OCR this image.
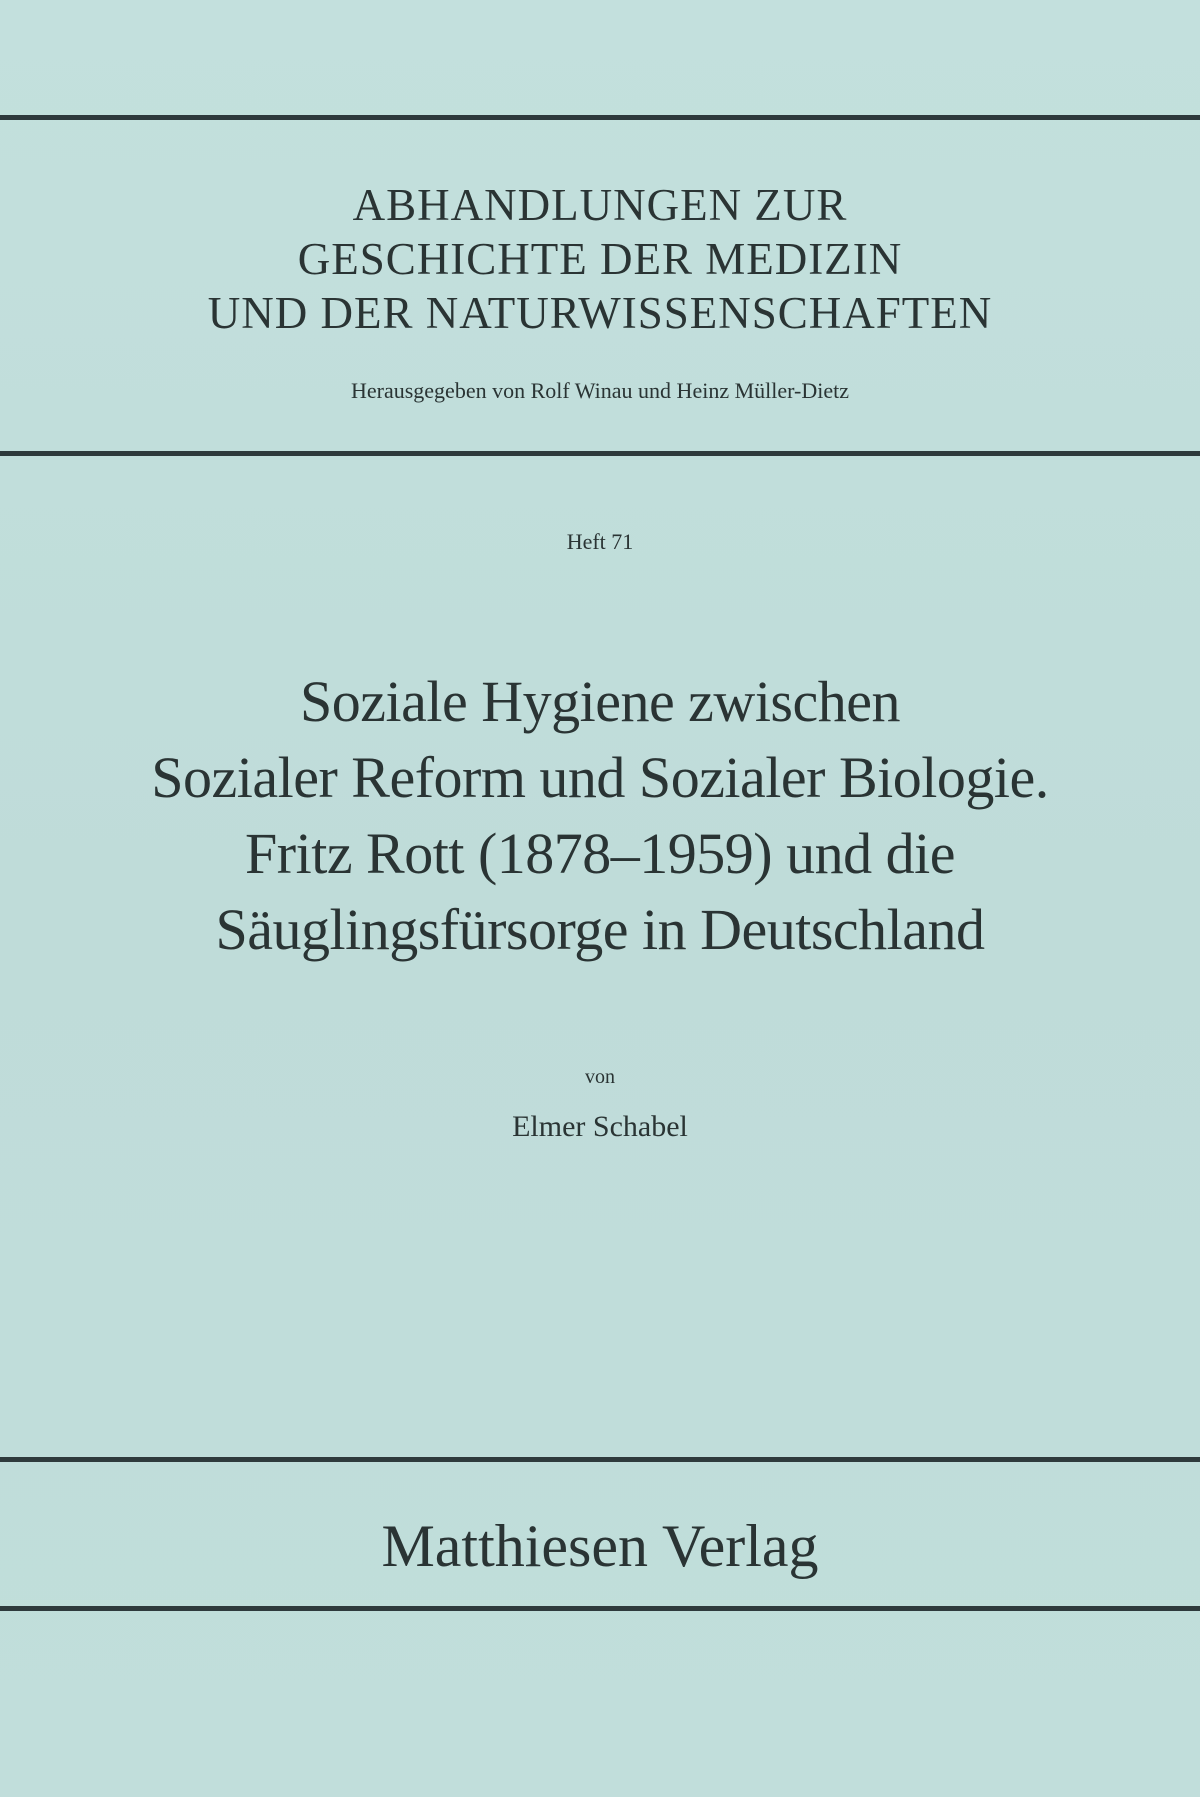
ABHANDLUNGEN ZUR
GESCHICHTE DER MEDIZIN
UND DER NATURWISSENSCHAFTEN
Herausgegeben von Rolf Winau und Heinz Müller-Dietz
Heft 71
Soziale Hygiene zwischen
Sozialer Reform und Sozialer Biologie.
Fritz Rott (1878–1959) und die
Säuglingsfürsorge in Deutschland
von
Elmer Schabel
Matthiesen Verlag
